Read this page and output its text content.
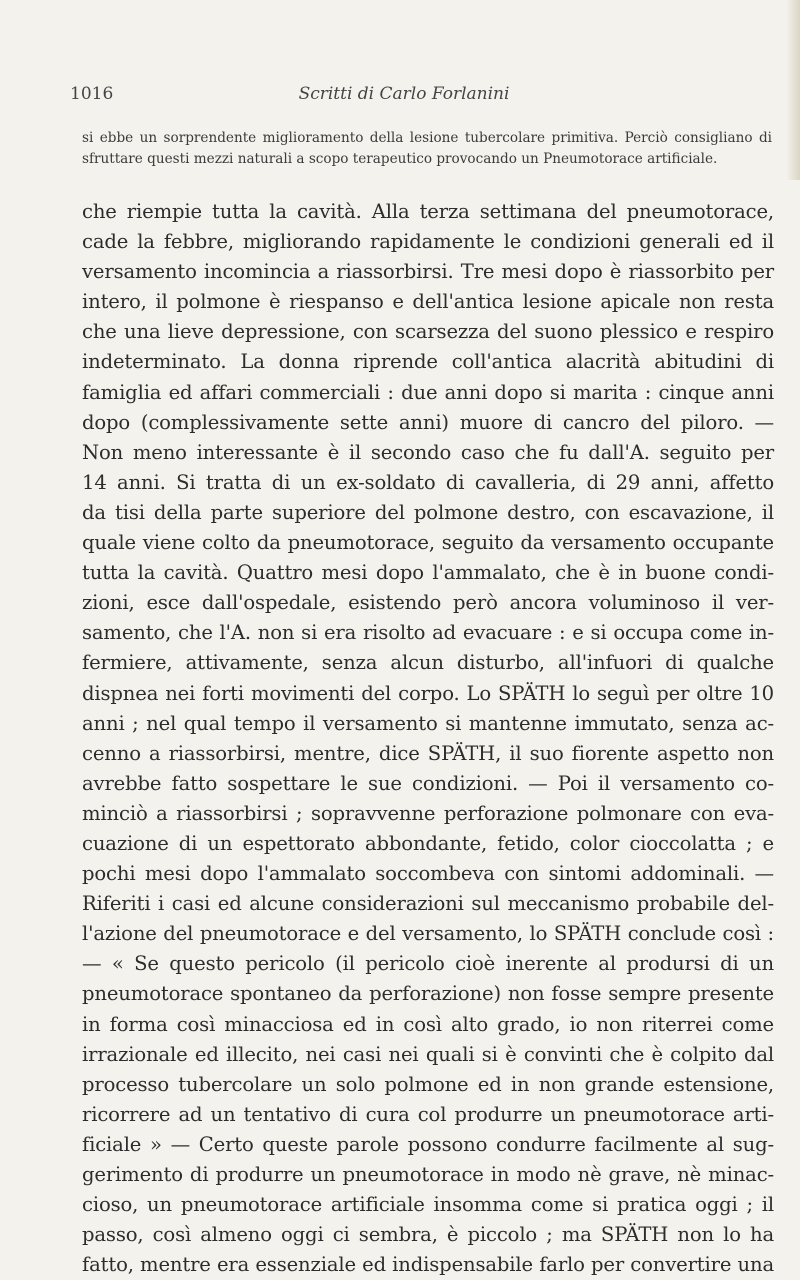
1016	Scritti di Carlo Forlanini

si ebbe un sorprendente miglioramento della lesione tubercolare primitiva. Perciò consigliano di sfruttare questi mezzi naturali a scopo terapeutico provocando un Pneumotorace artificiale.

che riempie tutta la cavità. Alla terza settimana del pneumotorace,
cade la febbre, migliorando rapidamente le condizioni generali ed il
versamento incomincia a riassorbirsi. Tre mesi dopo è riassorbito per
intero, il polmone è riespanso e dell'antica lesione apicale non resta
che una lieve depressione, con scarsezza del suono plessico e respiro
indeterminato. La donna riprende coll'antica alacrità abitudini di
famiglia ed affari commerciali : due anni dopo si marita : cinque anni
dopo (complessivamente sette anni) muore di cancro del piloro. —
Non meno interessante è il secondo caso che fu dall'A. seguito per
14 anni. Si tratta di un ex-soldato di cavalleria, di 29 anni, affetto
da tisi della parte superiore del polmone destro, con escavazione, il
quale viene colto da pneumotorace, seguito da versamento occupante
tutta la cavità. Quattro mesi dopo l'ammalato, che è in buone condi-
zioni, esce dall'ospedale, esistendo però ancora voluminoso il ver-
samento, che l'A. non si era risolto ad evacuare : e si occupa come in-
fermiere, attivamente, senza alcun disturbo, all'infuori di qualche
dispnea nei forti movimenti del corpo. Lo SPÄTH lo seguì per oltre 10
anni ; nel qual tempo il versamento si mantenne immutato, senza ac-
cenno a riassorbirsi, mentre, dice SPÄTH, il suo fiorente aspetto non
avrebbe fatto sospettare le sue condizioni. — Poi il versamento co-
minciò a riassorbirsi ; sopravvenne perforazione polmonare con eva-
cuazione di un espettorato abbondante, fetido, color cioccolatta ; e
pochi mesi dopo l'ammalato soccombeva con sintomi addominali. —
Riferiti i casi ed alcune considerazioni sul meccanismo probabile del-
l'azione del pneumotorace e del versamento, lo SPÄTH conclude così :
— « Se questo pericolo (il pericolo cioè inerente al prodursi di un
pneumotorace spontaneo da perforazione) non fosse sempre presente
in forma così minacciosa ed in così alto grado, io non riterrei come
irrazionale ed illecito, nei casi nei quali si è convinti che è colpito dal
processo tubercolare un solo polmone ed in non grande estensione,
ricorrere ad un tentativo di cura col produrre un pneumotorace arti-
ficiale » — Certo queste parole possono condurre facilmente al sug-
gerimento di produrre un pneumotorace in modo nè grave, nè minac-
cioso, un pneumotorace artificiale insomma come si pratica oggi ; il
passo, così almeno oggi ci sembra, è piccolo ; ma SPÄTH non lo ha
fatto, mentre era essenziale ed indispensabile farlo per convertire una
